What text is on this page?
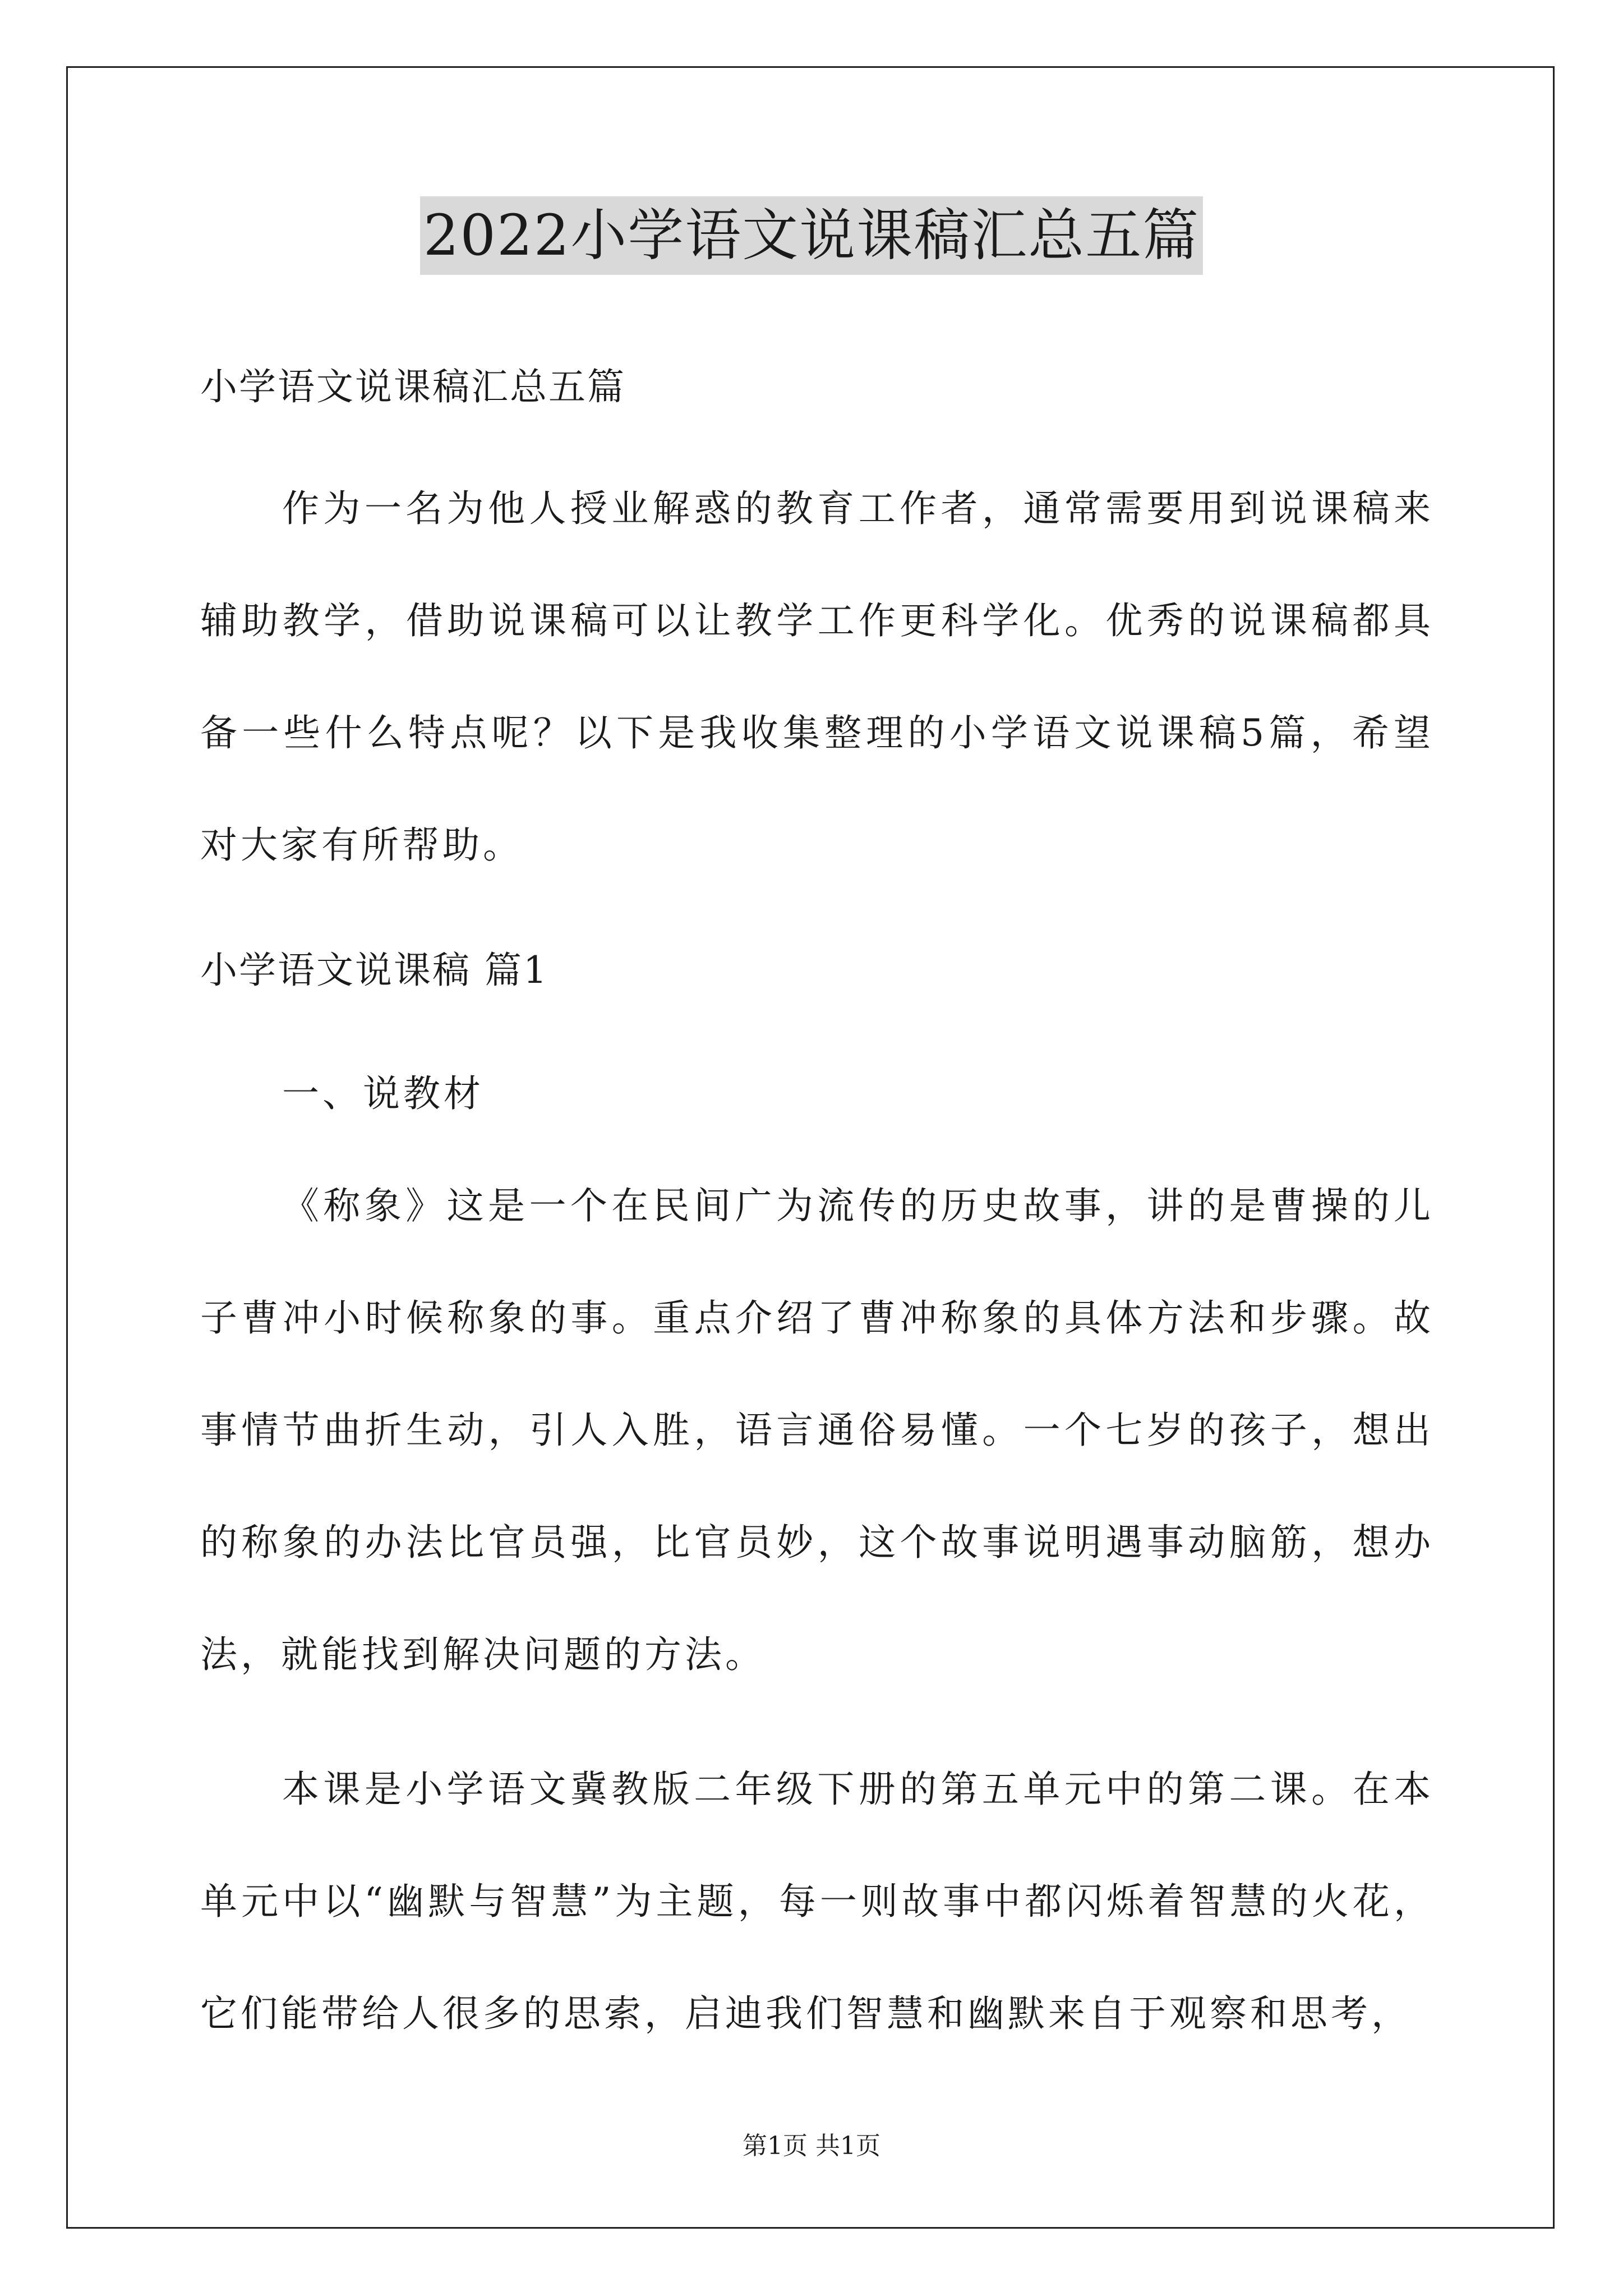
2022小学语文说课稿汇总五篇
小学语文说课稿汇总五篇
作为一名为他人授业解惑的教育工作者，通常需要用到说课稿来辅助教学，借助说课稿可以让教学工作更科学化。优秀的说课稿都具备一些什么特点呢？以下是我收集整理的小学语文说课稿5篇，希望对大家有所帮助。
小学语文说课稿 篇1
一、说教材
《称象》这是一个在民间广为流传的历史故事，讲的是曹操的儿子曹冲小时候称象的事。重点介绍了曹冲称象的具体方法和步骤。故事情节曲折生动，引人入胜，语言通俗易懂。一个七岁的孩子，想出的称象的办法比官员强，比官员妙，这个故事说明遇事动脑筋，想办法，就能找到解决问题的方法。
本课是小学语文冀教版二年级下册的第五单元中的第二课。在本单元中以“幽默与智慧”为主题，每一则故事中都闪烁着智慧的火花，它们能带给人很多的思索，启迪我们智慧和幽默来自于观察和思考，
第1页 共1页
